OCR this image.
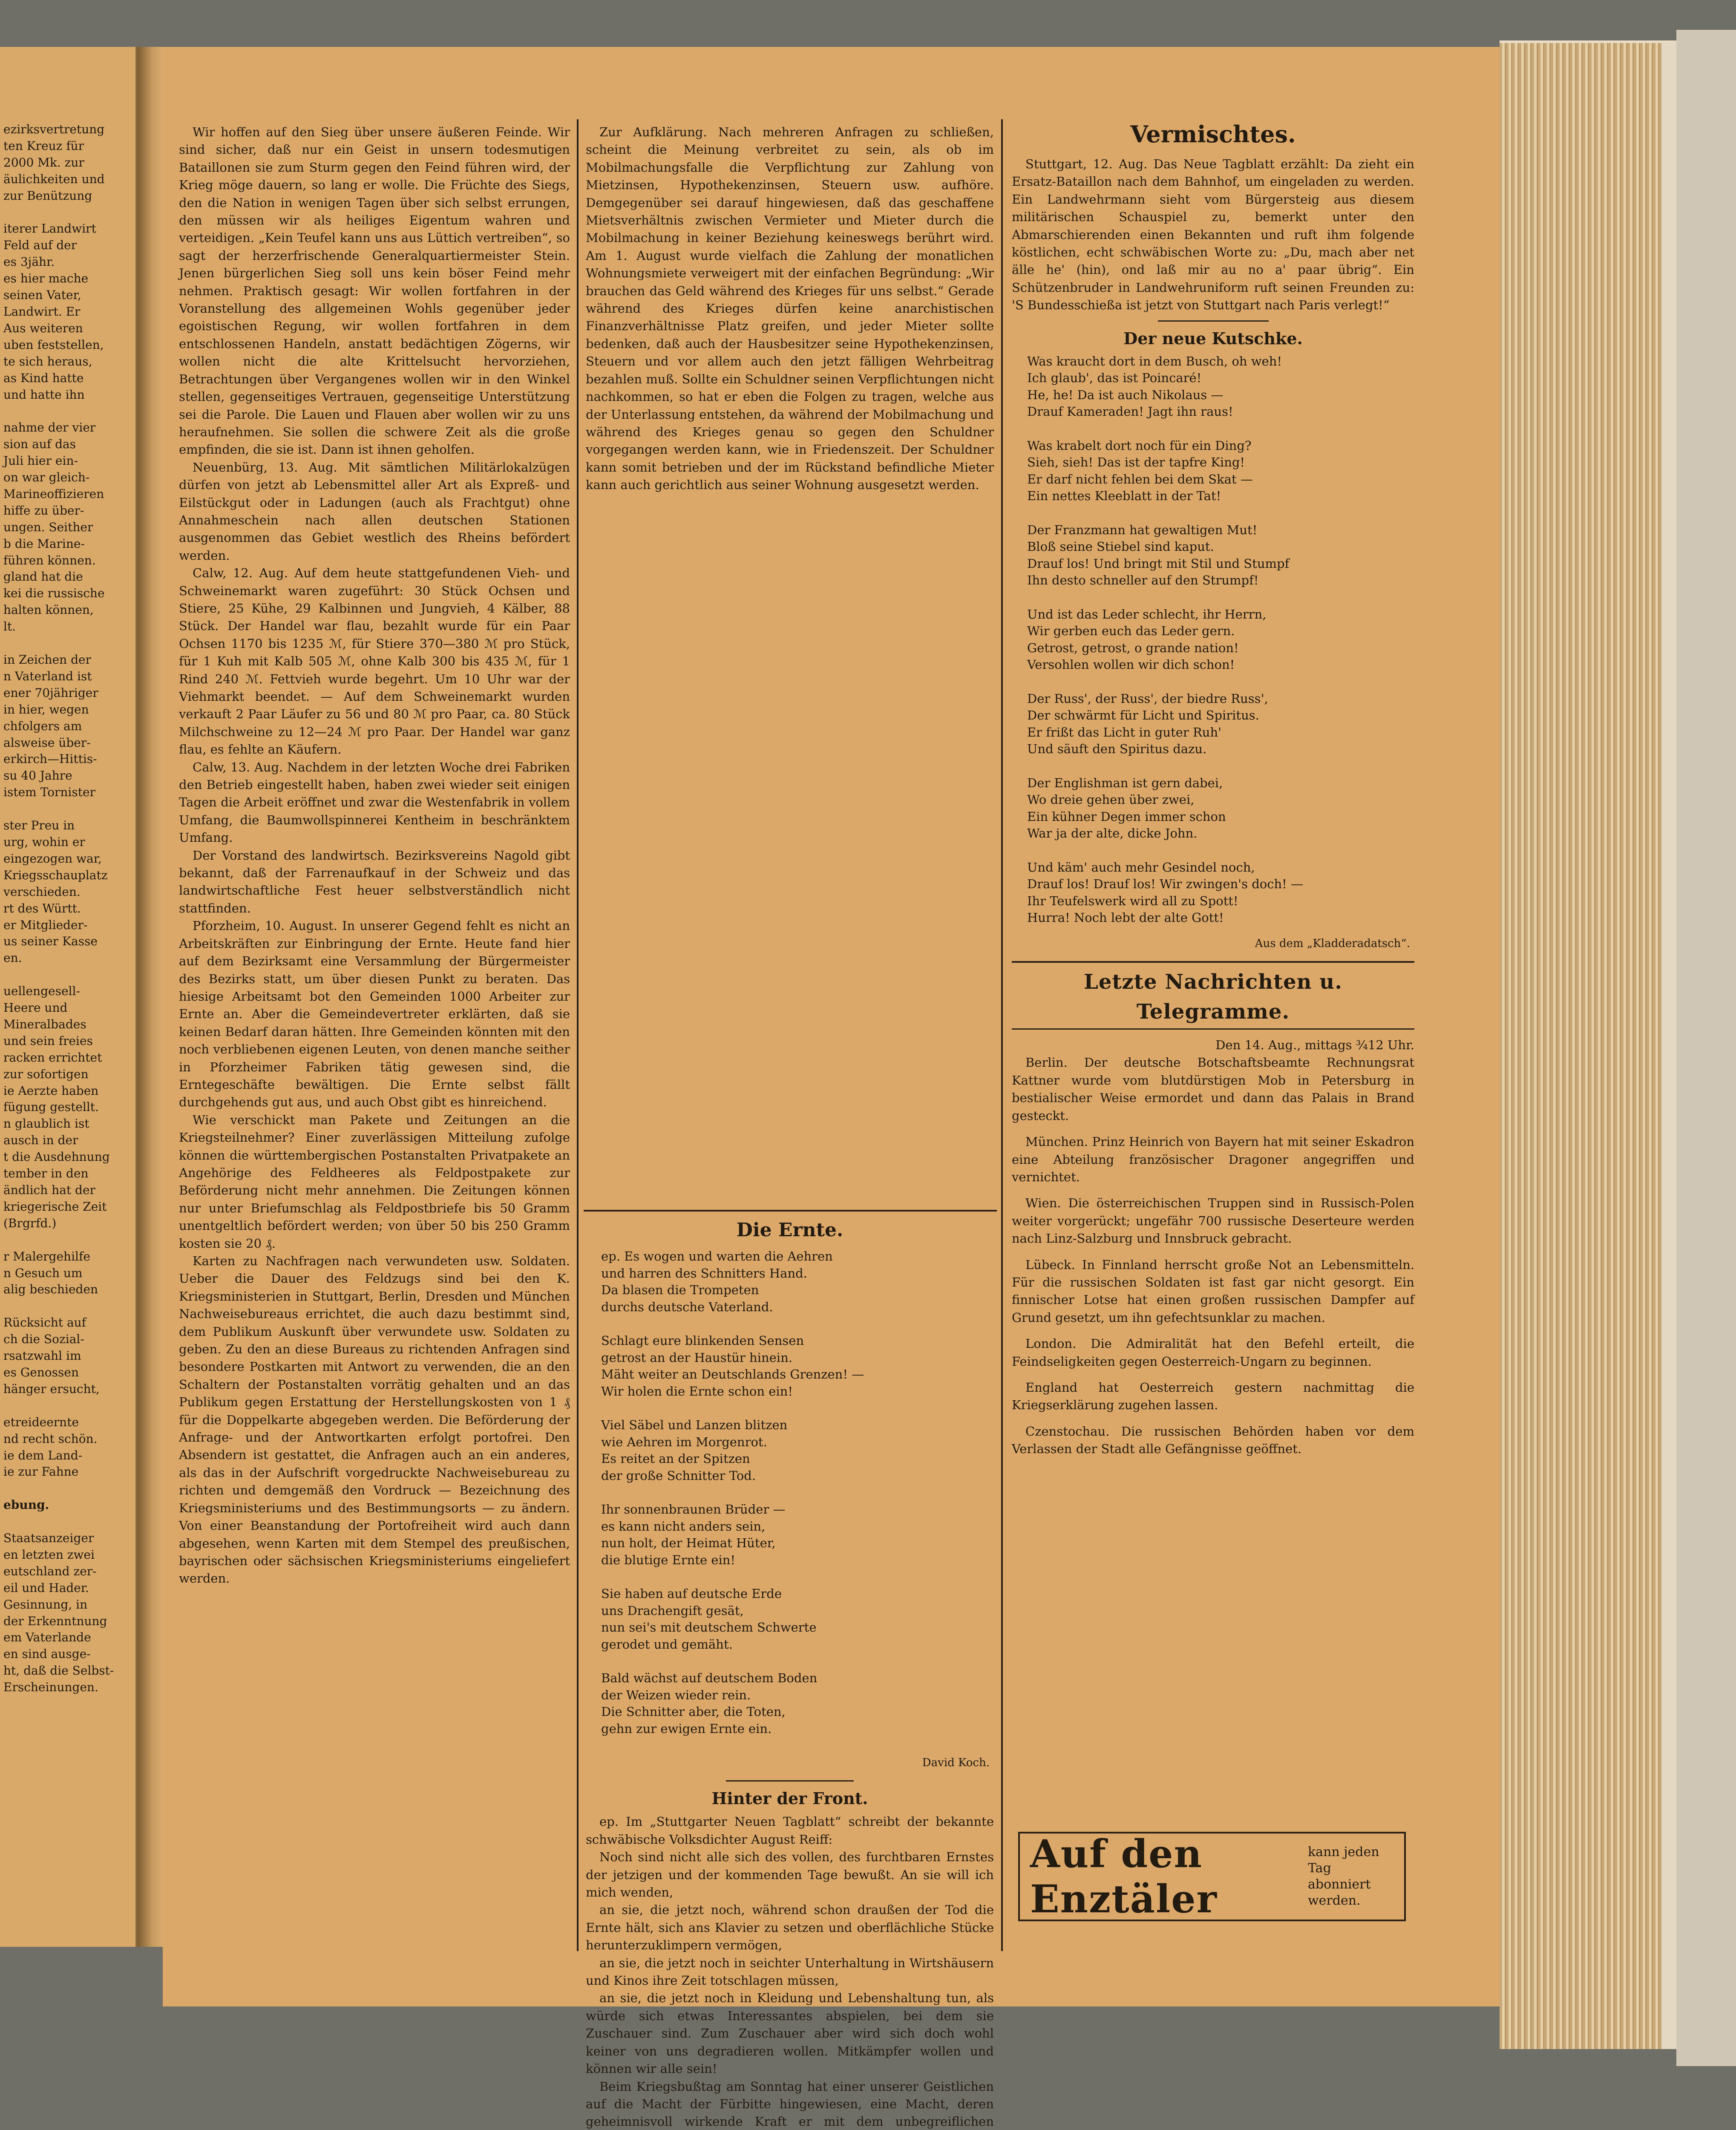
ezirksvertretung
ten Kreuz für
2000 Mk. zur
äulichkeiten und
zur Benützung

iterer Landwirt
Feld auf der
es 3jähr.
es hier mache
seinen Vater,
Landwirt. Er
Aus weiteren
uben feststellen,
te sich heraus,
as Kind hatte
und hatte ihn

nahme der vier
sion auf das
Juli hier ein-
on war gleich-
Marineoffizieren
hiffe zu über-
ungen. Seither
b die Marine-
führen können.
gland hat die
kei die russische
halten können,
lt.

in Zeichen der
n Vaterland ist
ener 70jähriger
in hier, wegen
chfolgers am
alsweise über-
erkirch—Hittis-
su 40 Jahre
istem Tornister

ster Preu in
urg, wohin er
eingezogen war,
Kriegsschauplatz
verschieden.
rt des Württ.
er Mitglieder-
us seiner Kasse
en.

uellengesell-
Heere und
Mineralbades
und sein freies
racken errichtet
zur sofortigen
ie Aerzte haben
fügung gestellt.
n glaublich ist
ausch in der
t die Ausdehnung
tember in den
ändlich hat der
kriegerische Zeit
(Brgrfd.)

r Malergehilfe
n Gesuch um
alig beschieden

Rücksicht auf
ch die Sozial-
rsatzwahl im
es Genossen
hänger ersucht,

etreideernte
nd recht schön.
ie dem Land-
ie zur Fahne

ebung.

Staatsanzeiger
en letzten zwei
eutschland zer-
eil und Hader.
Gesinnung, in
der Erkenntnung
em Vaterlande
en sind ausge-
ht, daß die Selbst-
Erscheinungen.

Wir hoffen auf den Sieg über unsere äußeren Feinde. Wir sind sicher, daß nur ein Geist in unsern todesmutigen Bataillonen sie zum Sturm gegen den Feind führen wird, der Krieg möge dauern, so lang er wolle. Die Früchte des Siegs, den die Nation in wenigen Tagen über sich selbst errungen, den müssen wir als heiliges Eigentum wahren und verteidigen. „Kein Teufel kann uns aus Lüttich vertreiben“, so sagt der herzerfrischende Generalquartiermeister Stein. Jenen bürgerlichen Sieg soll uns kein böser Feind mehr nehmen. Praktisch gesagt: Wir wollen fortfahren in der Voranstellung des allgemeinen Wohls gegenüber jeder egoistischen Regung, wir wollen fortfahren in dem entschlossenen Handeln, anstatt bedächtigen Zögerns, wir wollen nicht die alte Krittelsucht hervorziehen, Betrachtungen über Vergangenes wollen wir in den Winkel stellen, gegenseitiges Vertrauen, gegenseitige Unterstützung sei die Parole. Die Lauen und Flauen aber wollen wir zu uns heraufnehmen. Sie sollen die schwere Zeit als die große empfinden, die sie ist. Dann ist ihnen geholfen.

Neuenbürg, 13. Aug. Mit sämtlichen Militärlokalzügen dürfen von jetzt ab Lebensmittel aller Art als Expreß- und Eilstückgut oder in Ladungen (auch als Frachtgut) ohne Annahmeschein nach allen deutschen Stationen ausgenommen das Gebiet westlich des Rheins befördert werden.

Calw, 12. Aug. Auf dem heute stattgefundenen Vieh- und Schweinemarkt waren zugeführt: 30 Stück Ochsen und Stiere, 25 Kühe, 29 Kalbinnen und Jungvieh, 4 Kälber, 88 Stück. Der Handel war flau, bezahlt wurde für ein Paar Ochsen 1170 bis 1235 ℳ, für Stiere 370—380 ℳ pro Stück, für 1 Kuh mit Kalb 505 ℳ, ohne Kalb 300 bis 435 ℳ, für 1 Rind 240 ℳ. Fettvieh wurde begehrt. Um 10 Uhr war der Viehmarkt beendet. — Auf dem Schweinemarkt wurden verkauft 2 Paar Läufer zu 56 und 80 ℳ pro Paar, ca. 80 Stück Milchschweine zu 12—24 ℳ pro Paar. Der Handel war ganz flau, es fehlte an Käufern.

Calw, 13. Aug. Nachdem in der letzten Woche drei Fabriken den Betrieb eingestellt haben, haben zwei wieder seit einigen Tagen die Arbeit eröffnet und zwar die Westenfabrik in vollem Umfang, die Baumwollspinnerei Kentheim in beschränktem Umfang.

Der Vorstand des landwirtsch. Bezirksvereins Nagold gibt bekannt, daß der Farrenaufkauf in der Schweiz und das landwirtschaftliche Fest heuer selbstverständlich nicht stattfinden.

Pforzheim, 10. August. In unserer Gegend fehlt es nicht an Arbeitskräften zur Einbringung der Ernte. Heute fand hier auf dem Bezirksamt eine Versammlung der Bürgermeister des Bezirks statt, um über diesen Punkt zu beraten. Das hiesige Arbeitsamt bot den Gemeinden 1000 Arbeiter zur Ernte an. Aber die Gemeindevertreter erklärten, daß sie keinen Bedarf daran hätten. Ihre Gemeinden könnten mit den noch verbliebenen eigenen Leuten, von denen manche seither in Pforzheimer Fabriken tätig gewesen sind, die Erntegeschäfte bewältigen. Die Ernte selbst fällt durchgehends gut aus, und auch Obst gibt es hinreichend.

Wie verschickt man Pakete und Zeitungen an die Kriegsteilnehmer? Einer zuverlässigen Mitteilung zufolge können die württembergischen Postanstalten Privatpakete an Angehörige des Feldheeres als Feldpostpakete zur Beförderung nicht mehr annehmen. Die Zeitungen können nur unter Briefumschlag als Feldpostbriefe bis 50 Gramm unentgeltlich befördert werden; von über 50 bis 250 Gramm kosten sie 20 ₰.

Karten zu Nachfragen nach verwundeten usw. Soldaten. Ueber die Dauer des Feldzugs sind bei den K. Kriegsministerien in Stuttgart, Berlin, Dresden und München Nachweisebureaus errichtet, die auch dazu bestimmt sind, dem Publikum Auskunft über verwundete usw. Soldaten zu geben. Zu den an diese Bureaus zu richtenden Anfragen sind besondere Postkarten mit Antwort zu verwenden, die an den Schaltern der Postanstalten vorrätig gehalten und an das Publikum gegen Erstattung der Herstellungskosten von 1 ₰ für die Doppelkarte abgegeben werden. Die Beförderung der Anfrage- und der Antwortkarten erfolgt portofrei. Den Absendern ist gestattet, die Anfragen auch an ein anderes, als das in der Aufschrift vorgedruckte Nachweisebureau zu richten und demgemäß den Vordruck — Bezeichnung des Kriegsministeriums und des Bestimmungsorts — zu ändern. Von einer Beanstandung der Portofreiheit wird auch dann abgesehen, wenn Karten mit dem Stempel des preußischen, bayrischen oder sächsischen Kriegsministeriums eingeliefert werden.

Zur Aufklärung. Nach mehreren Anfragen zu schließen, scheint die Meinung verbreitet zu sein, als ob im Mobilmachungsfalle die Verpflichtung zur Zahlung von Mietzinsen, Hypothekenzinsen, Steuern usw. aufhöre. Demgegenüber sei darauf hingewiesen, daß das geschaffene Mietsverhältnis zwischen Vermieter und Mieter durch die Mobilmachung in keiner Beziehung keineswegs berührt wird. Am 1. August wurde vielfach die Zahlung der monatlichen Wohnungsmiete verweigert mit der einfachen Begründung: „Wir brauchen das Geld während des Krieges für uns selbst.“ Gerade während des Krieges dürfen keine anarchistischen Finanzverhältnisse Platz greifen, und jeder Mieter sollte bedenken, daß auch der Hausbesitzer seine Hypothekenzinsen, Steuern und vor allem auch den jetzt fälligen Wehrbeitrag bezahlen muß. Sollte ein Schuldner seinen Verpflichtungen nicht nachkommen, so hat er eben die Folgen zu tragen, welche aus der Unterlassung entstehen, da während der Mobilmachung und während des Krieges genau so gegen den Schuldner vorgegangen werden kann, wie in Friedenszeit. Der Schuldner kann somit betrieben und der im Rückstand befindliche Mieter kann auch gerichtlich aus seiner Wohnung ausgesetzt werden.

Die Ernte.
ep. Es wogen und warten die Aehren
und harren des Schnitters Hand.
Da blasen die Trompeten
durchs deutsche Vaterland.
Schlagt eure blinkenden Sensen
getrost an der Haustür hinein.
Mäht weiter an Deutschlands Grenzen! —
Wir holen die Ernte schon ein!
Viel Säbel und Lanzen blitzen
wie Aehren im Morgenrot.
Es reitet an der Spitzen
der große Schnitter Tod.
Ihr sonnenbraunen Brüder —
es kann nicht anders sein,
nun holt, der Heimat Hüter,
die blutige Ernte ein!
Sie haben auf deutsche Erde
uns Drachengift gesät,
nun sei's mit deutschem Schwerte
gerodet und gemäht.
Bald wächst auf deutschem Boden
der Weizen wieder rein.
Die Schnitter aber, die Toten,
gehn zur ewigen Ernte ein.
David Koch.
Hinter der Front.

ep. Im „Stuttgarter Neuen Tagblatt“ schreibt der bekannte schwäbische Volksdichter August Reiff:

Noch sind nicht alle sich des vollen, des furchtbaren Ernstes der jetzigen und der kommenden Tage bewußt. An sie will ich mich wenden,

an sie, die jetzt noch, während schon draußen der Tod die Ernte hält, sich ans Klavier zu setzen und oberflächliche Stücke herunterzuklimpern vermögen,

an sie, die jetzt noch in seichter Unterhaltung in Wirtshäusern und Kinos ihre Zeit totschlagen müssen,

an sie, die jetzt noch in Kleidung und Lebenshaltung tun, als würde sich etwas Interessantes abspielen, bei dem sie Zuschauer sind. Zum Zuschauer aber wird sich doch wohl keiner von uns degradieren wollen. Mitkämpfer wollen und können wir alle sein!

Beim Kriegsbußtag am Sonntag hat einer unserer Geistlichen auf die Macht der Fürbitte hingewiesen, eine Macht, deren geheimnisvoll wirkende Kraft er mit dem unbegreiflichen

Vermischtes.

Stuttgart, 12. Aug. Das Neue Tagblatt erzählt: Da zieht ein Ersatz-Bataillon nach dem Bahnhof, um eingeladen zu werden. Ein Landwehrmann sieht vom Bürgersteig aus diesem militärischen Schauspiel zu, bemerkt unter den Abmarschierenden einen Bekannten und ruft ihm folgende köstlichen, echt schwäbischen Worte zu: „Du, mach aber net älle he' (hin), ond laß mir au no a' paar übrig“. Ein Schützenbruder in Landwehruniform ruft seinen Freunden zu: 'S Bundesschießa ist jetzt von Stuttgart nach Paris verlegt!“

Der neue Kutschke.
Was kraucht dort in dem Busch, oh weh!
Ich glaub', das ist Poincaré!
He, he! Da ist auch Nikolaus —
Drauf Kameraden! Jagt ihn raus!
Was krabelt dort noch für ein Ding?
Sieh, sieh! Das ist der tapfre King!
Er darf nicht fehlen bei dem Skat —
Ein nettes Kleeblatt in der Tat!
Der Franzmann hat gewaltigen Mut!
Bloß seine Stiebel sind kaput.
Drauf los! Und bringt mit Stil und Stumpf
Ihn desto schneller auf den Strumpf!
Und ist das Leder schlecht, ihr Herrn,
Wir gerben euch das Leder gern.
Getrost, getrost, o grande nation!
Versohlen wollen wir dich schon!
Der Russ', der Russ', der biedre Russ',
Der schwärmt für Licht und Spiritus.
Er frißt das Licht in guter Ruh'
Und säuft den Spiritus dazu.
Der Englishman ist gern dabei,
Wo dreie gehen über zwei,
Ein kühner Degen immer schon
War ja der alte, dicke John.
Und käm' auch mehr Gesindel noch,
Drauf los! Drauf los! Wir zwingen's doch! —
Ihr Teufelswerk wird all zu Spott!
Hurra! Noch lebt der alte Gott!
Aus dem „Kladderadatsch“.
Letzte Nachrichten u. Telegramme.

Den 14. Aug., mittags ¾12 Uhr.

Berlin. Der deutsche Botschaftsbeamte Rechnungsrat Kattner wurde vom blutdürstigen Mob in Petersburg in bestialischer Weise ermordet und dann das Palais in Brand gesteckt.

München. Prinz Heinrich von Bayern hat mit seiner Eskadron eine Abteilung französischer Dragoner angegriffen und vernichtet.

Wien. Die österreichischen Truppen sind in Russisch-Polen weiter vorgerückt; ungefähr 700 russische Deserteure werden nach Linz-Salzburg und Innsbruck gebracht.

Lübeck. In Finnland herrscht große Not an Lebensmitteln. Für die russischen Soldaten ist fast gar nicht gesorgt. Ein finnischer Lotse hat einen großen russischen Dampfer auf Grund gesetzt, um ihn gefechtsunklar zu machen.

London. Die Admiralität hat den Befehl erteilt, die Feindseligkeiten gegen Oesterreich-Ungarn zu beginnen.

England hat Oesterreich gestern nachmittag die Kriegserklärung zugehen lassen.

Czenstochau. Die russischen Behörden haben vor dem Verlassen der Stadt alle Gefängnisse geöffnet.

Auf den Enztäler
kann jeden Tag
abonniert werden.
